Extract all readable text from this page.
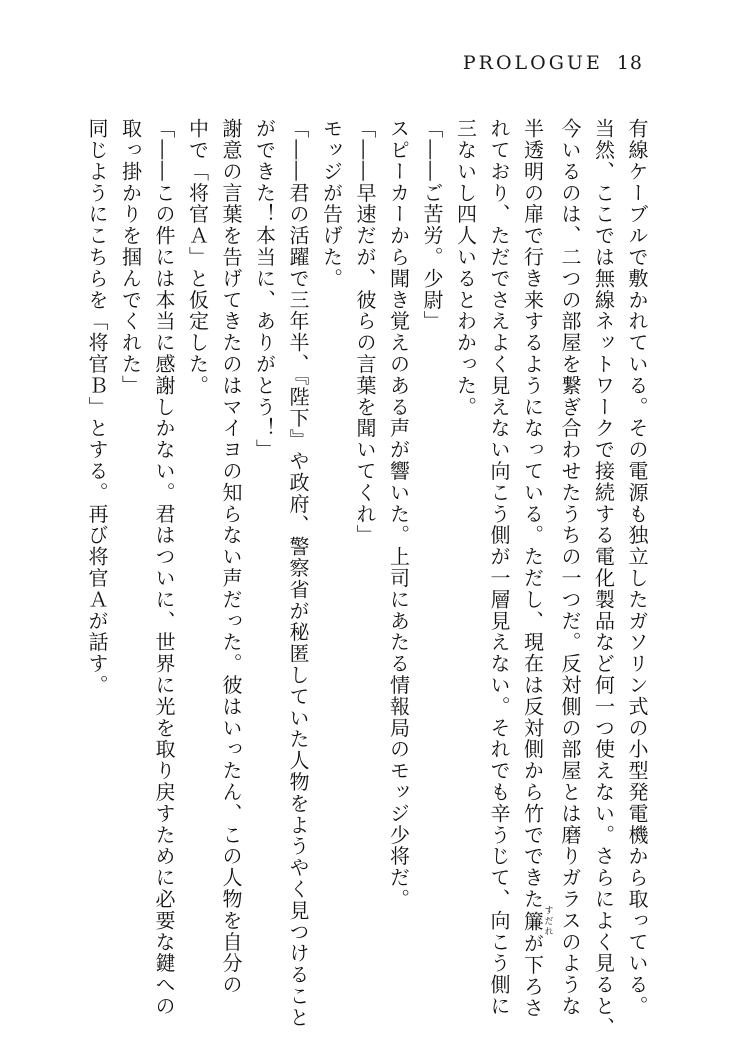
PROLOGUE 18
有線ケーブルで敷かれている。その電源も独立したガソリン式の小型発電機から取っている。
当然、ここでは無線ネットワークで接続する電化製品など何一つ使えない。さらによく見ると、
今いるのは、二つの部屋を繋ぎ合わせたうちの一つだ。反対側の部屋とは磨りガラスのような
半透明の扉で行き来するようになっている。ただし、現在は反対側から竹でできた簾すだれが下ろさ
れており、ただでさえよく見えない向こう側が一層見えない。それでも辛うじて、向こう側に
三ないし四人いるとわかった。
「――ご苦労。少尉」
スピーカーから聞き覚えのある声が響いた。上司にあたる情報局のモッジ少将だ。
「――早速だが、彼らの言葉を聞いてくれ」
モッジが告げた。
「――君の活躍で三年半、『陛下』や政府、警察省が秘匿していた人物をようやく見つけること
ができた！本当に、ありがとう！」
謝意の言葉を告げてきたのはマイヨの知らない声だった。彼はいったん、この人物を自分の
中で「将官Ａ」と仮定した。
「――この件には本当に感謝しかない。君はついに、世界に光を取り戻すために必要な鍵への
取っ掛かりを掴んでくれた」
同じようにこちらを「将官Ｂ」とする。再び将官Ａが話す。
